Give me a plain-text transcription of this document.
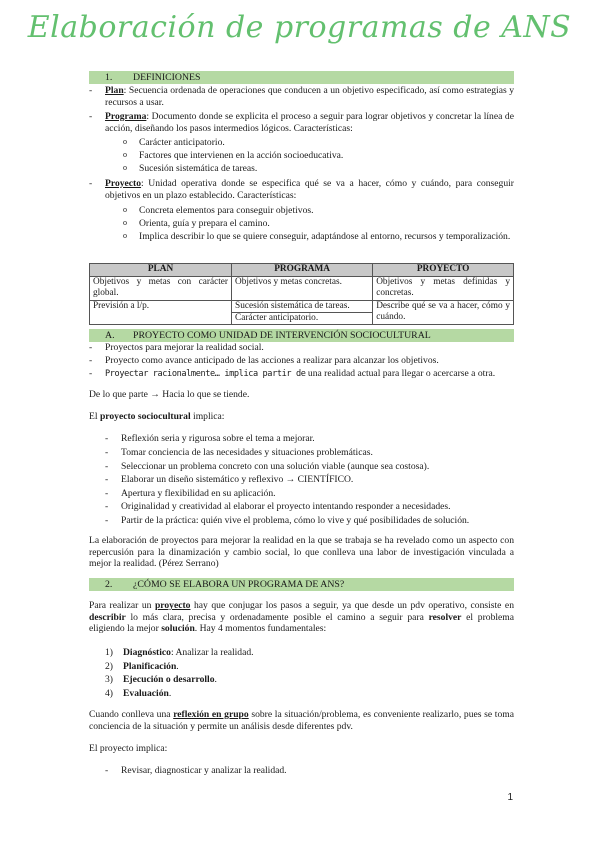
Elaboración de programas de ANS
1. DEFINICIONES
- Plan: Secuencia ordenada de operaciones que conducen a un objetivo especificado, así como estrategias y recursos a usar.
- Programa: Documento donde se explicita el proceso a seguir para lograr objetivos y concretar la línea de acción, diseñando los pasos intermedios lógicos. Características:
o Carácter anticipatorio.
o Factores que intervienen en la acción socioeducativa.
o Sucesión sistemática de tareas.
- Proyecto: Unidad operativa donde se especifica qué se va a hacer, cómo y cuándo, para conseguir objetivos en un plazo establecido. Características:
o Concreta elementos para conseguir objetivos.
o Orienta, guía y prepara el camino.
o Implica describir lo que se quiere conseguir, adaptándose al entorno, recursos y temporalización.
PLAN	PROGRAMA	PROYECTO
Objetivos y metas con carácter global.	Objetivos y metas concretas.	Objetivos y metas definidas y concretas.
Previsión a l/p.	Sucesión sistemática de tareas.	Describe qué se va a hacer, cómo y cuándo.
	Carácter anticipatorio.	
A. PROYECTO COMO UNIDAD DE INTERVENCIÓN SOCIOCULTURAL
- Proyectos para mejorar la realidad social.
- Proyecto como avance anticipado de las acciones a realizar para alcanzar los objetivos.
- Proyectar racionalmente… implica partir de una realidad actual para llegar o acercarse a otra.
De lo que parte → Hacia lo que se tiende.
El proyecto sociocultural implica:
- Reflexión seria y rigurosa sobre el tema a mejorar.
- Tomar conciencia de las necesidades y situaciones problemáticas.
- Seleccionar un problema concreto con una solución viable (aunque sea costosa).
- Elaborar un diseño sistemático y reflexivo → CIENTÍFICO.
- Apertura y flexibilidad en su aplicación.
- Originalidad y creatividad al elaborar el proyecto intentando responder a necesidades.
- Partir de la práctica: quién vive el problema, cómo lo vive y qué posibilidades de solución.
La elaboración de proyectos para mejorar la realidad en la que se trabaja se ha revelado como un aspecto con repercusión para la dinamización y cambio social, lo que conlleva una labor de investigación vinculada a mejor la realidad. (Pérez Serrano)
2. ¿CÓMO SE ELABORA UN PROGRAMA DE ANS?
Para realizar un proyecto hay que conjugar los pasos a seguir, ya que desde un pdv operativo, consiste en describir lo más clara, precisa y ordenadamente posible el camino a seguir para resolver el problema eligiendo la mejor solución. Hay 4 momentos fundamentales:
1) Diagnóstico: Analizar la realidad.
2) Planificación.
3) Ejecución o desarrollo.
4) Evaluación.
Cuando conlleva una reflexión en grupo sobre la situación/problema, es conveniente realizarlo, pues se toma conciencia de la situación y permite un análisis desde diferentes pdv.
El proyecto implica:
- Revisar, diagnosticar y analizar la realidad.
1
